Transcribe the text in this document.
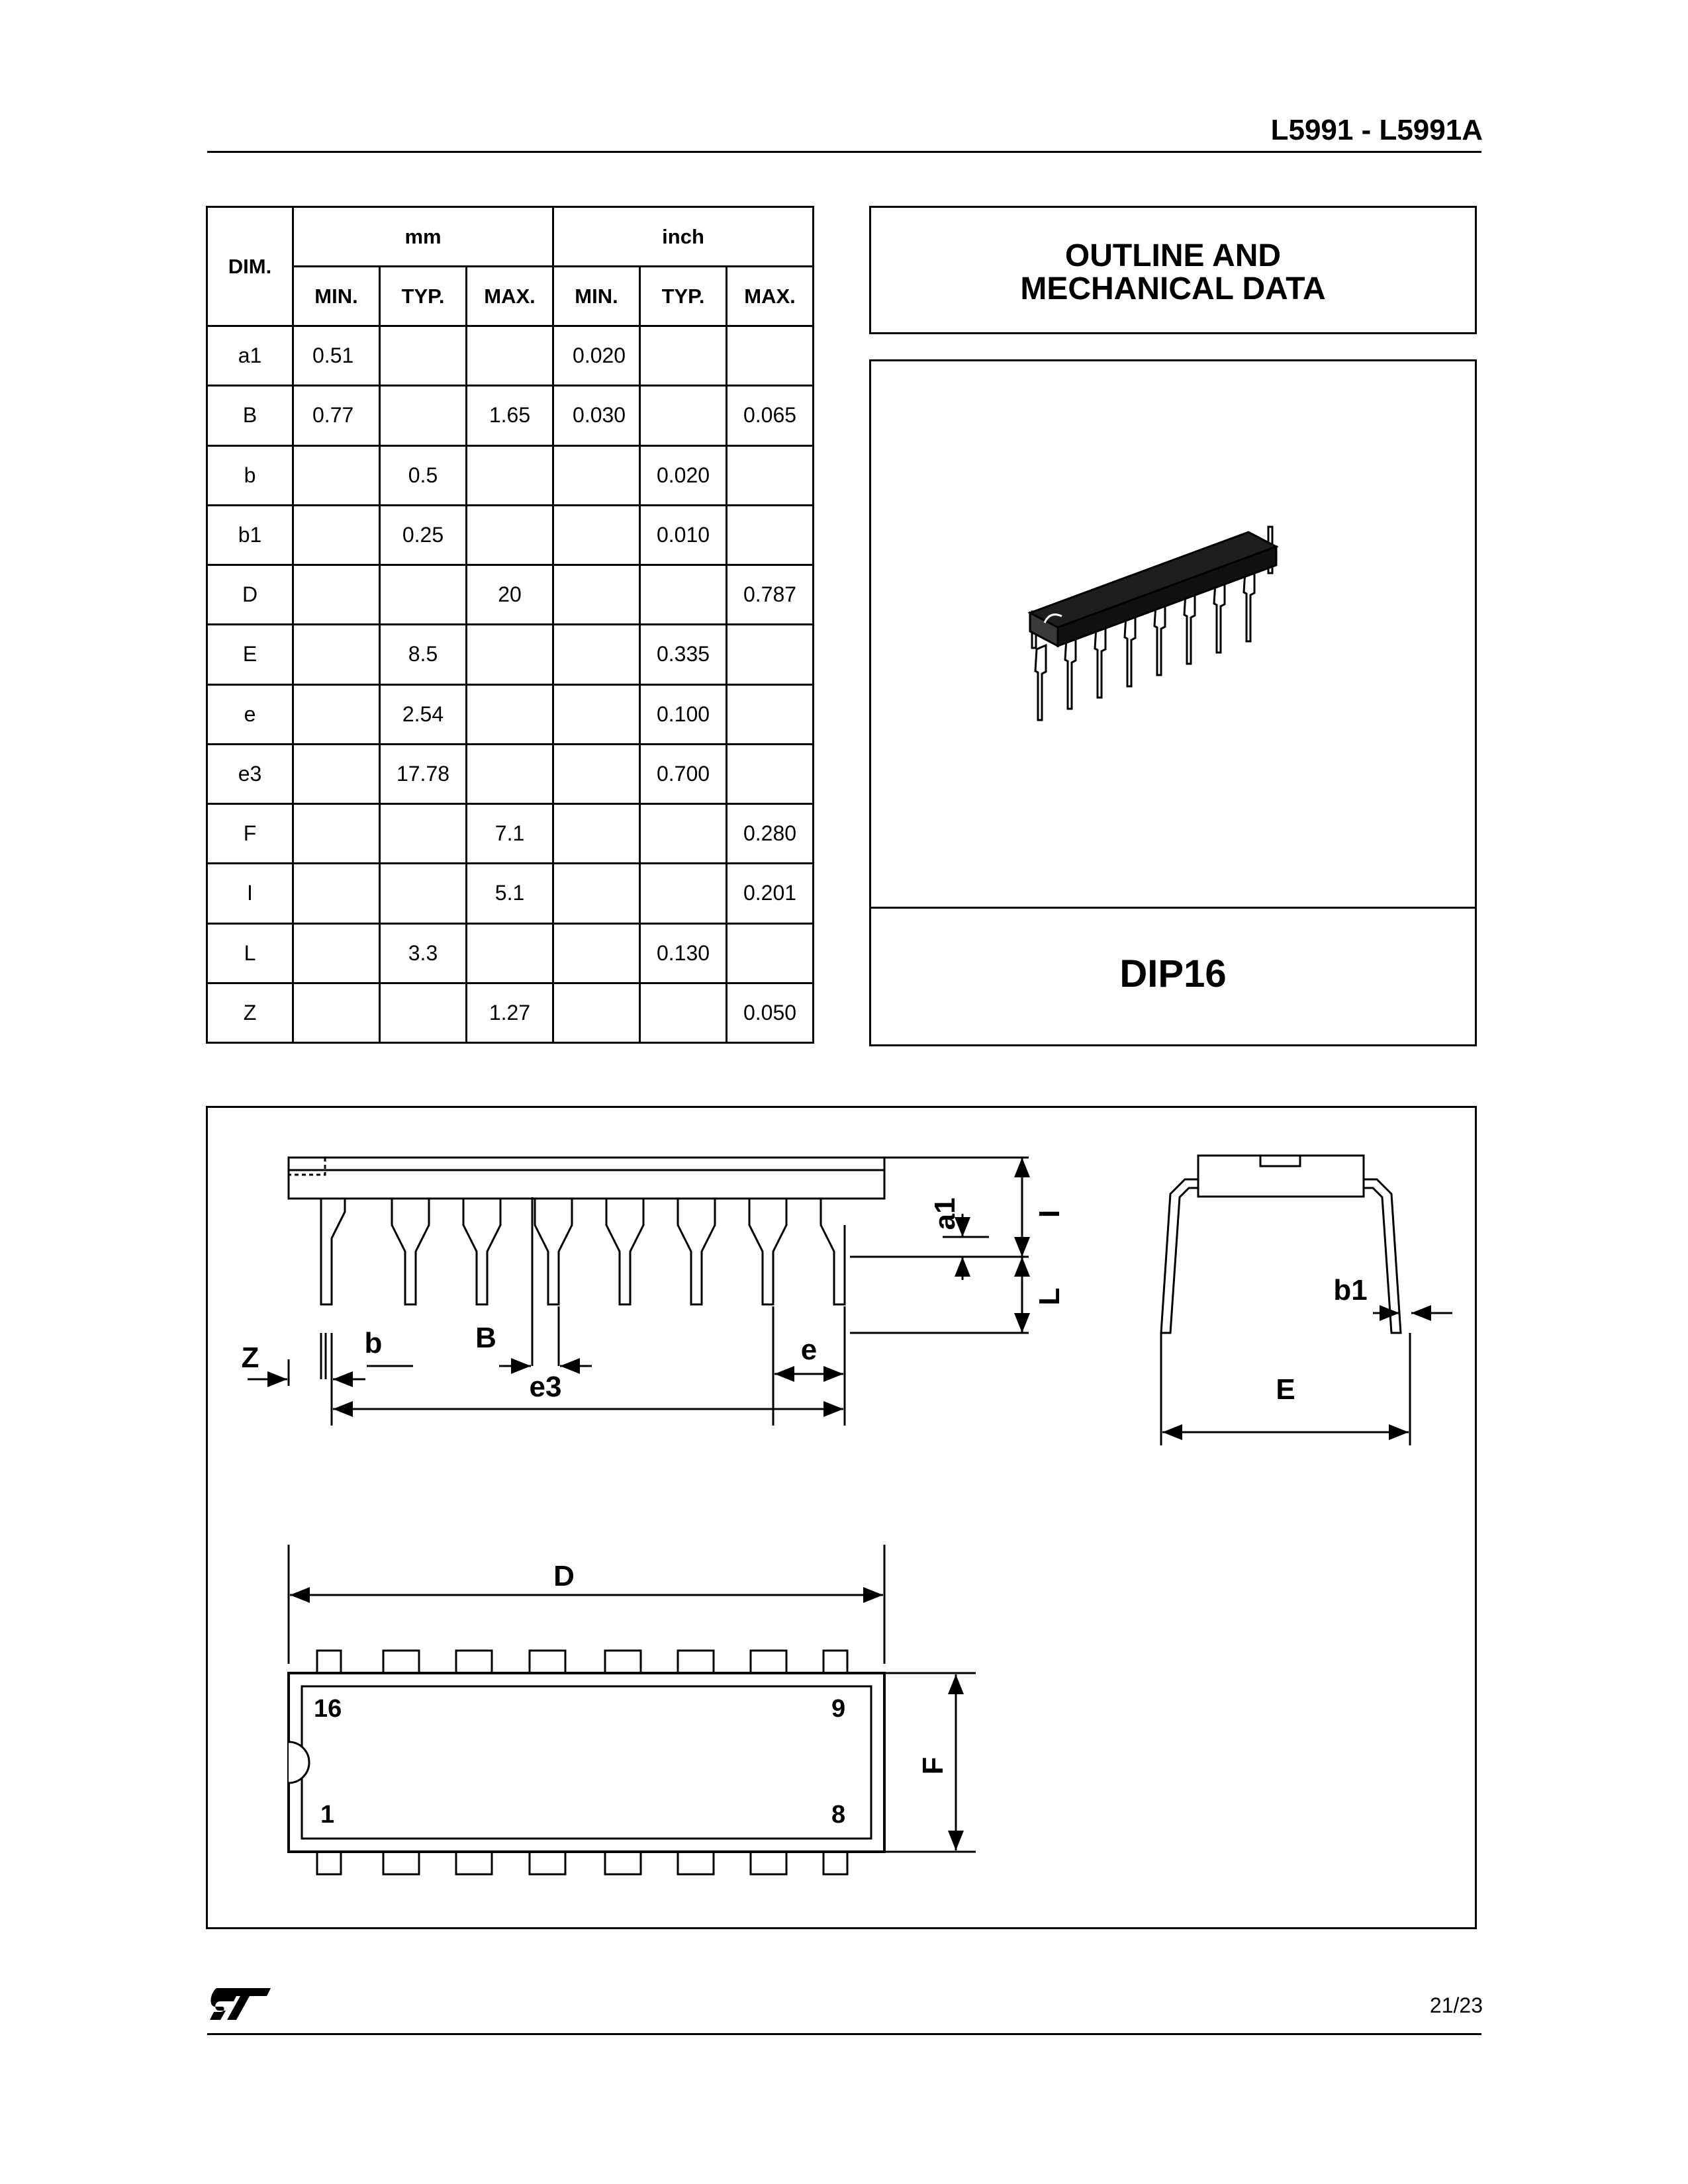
L5991 - L5991A
DIM.	mm			inch		
	MIN.	TYP.	MAX.	MIN.	TYP.	MAX.
a1	0.51			0.020		
B	0.77		1.65	0.030		0.065
b		0.5			0.020	
b1		0.25			0.010	
D			20			0.787
E		8.5			0.335	
e		2.54			0.100	
e3		17.78			0.700	
F			7.1			0.280
I			5.1			0.201
L		3.3			0.130	
Z			1.27			0.050
OUTLINE AND
MECHANICAL DATA
DIP16
a1 I
L	b1
E
Z	b	B	e
e3
D
F
16	9
1	8
21/23
